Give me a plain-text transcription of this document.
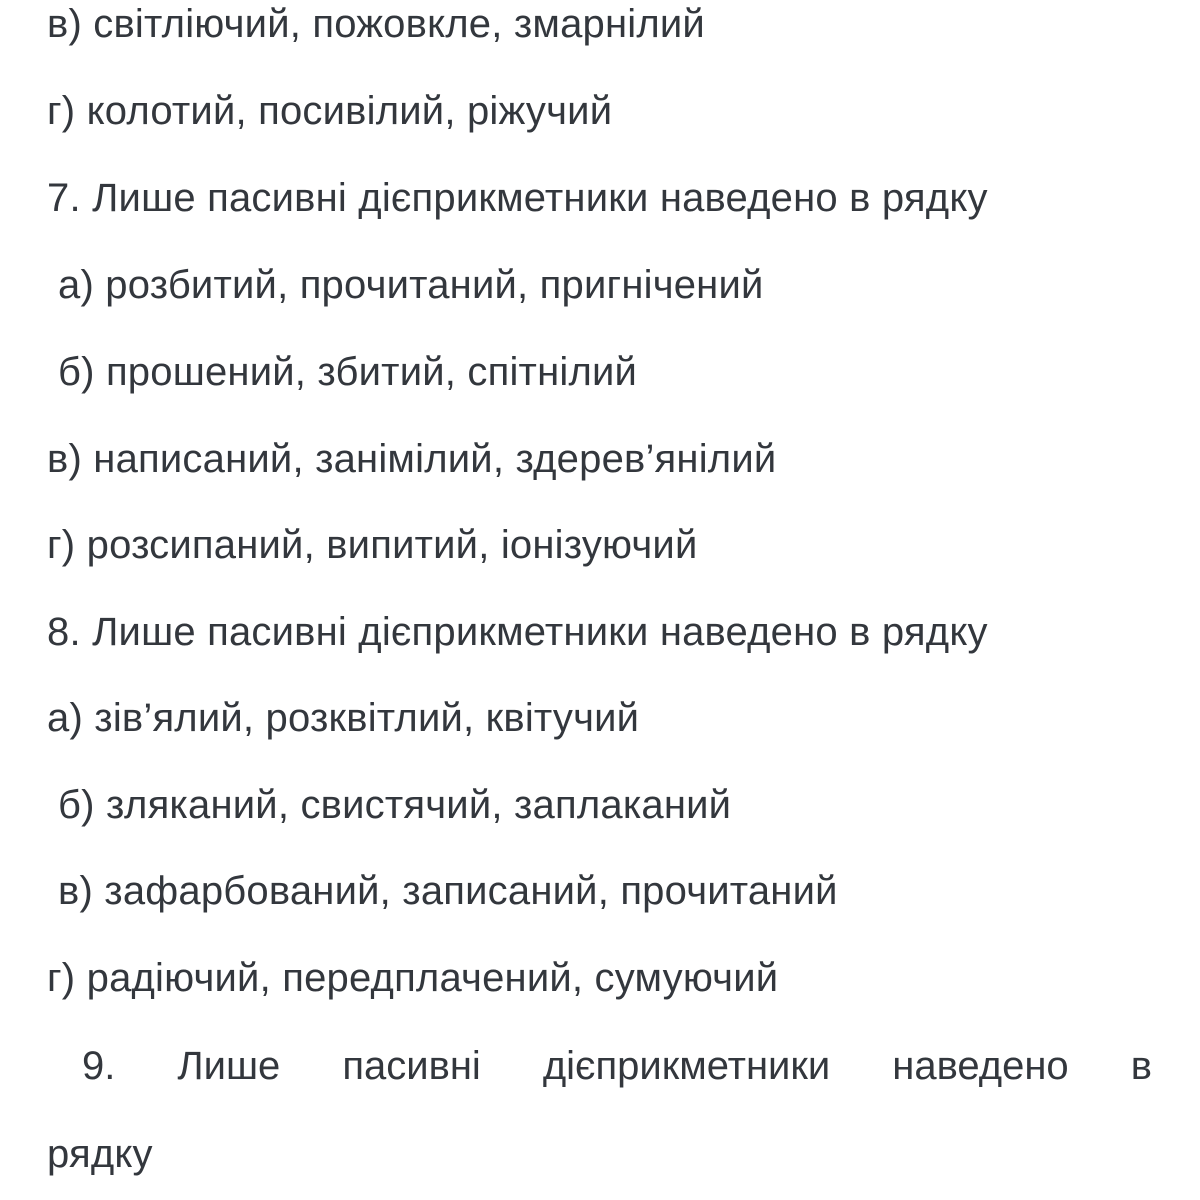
в) світліючий, пожовкле, змарнілий

г) колотий, посивілий, ріжучий

7. Лише пасивні дієприкметники наведено в рядку

а) розбитий, прочитаний, пригнічений

б) прошений, збитий, спітнілий

в) написаний, занімілий, здерев’янілий

г) розсипаний, випитий, іонізуючий

8. Лише пасивні дієприкметники наведено в рядку

а) зів’ялий, розквітлий, квітучий

б) зляканий, свистячий, заплаканий

в) зафарбований, записаний, прочитаний

г) радіючий, передплачений, сумуючий

9. Лише пасивні дієприкметники наведено в

рядку
